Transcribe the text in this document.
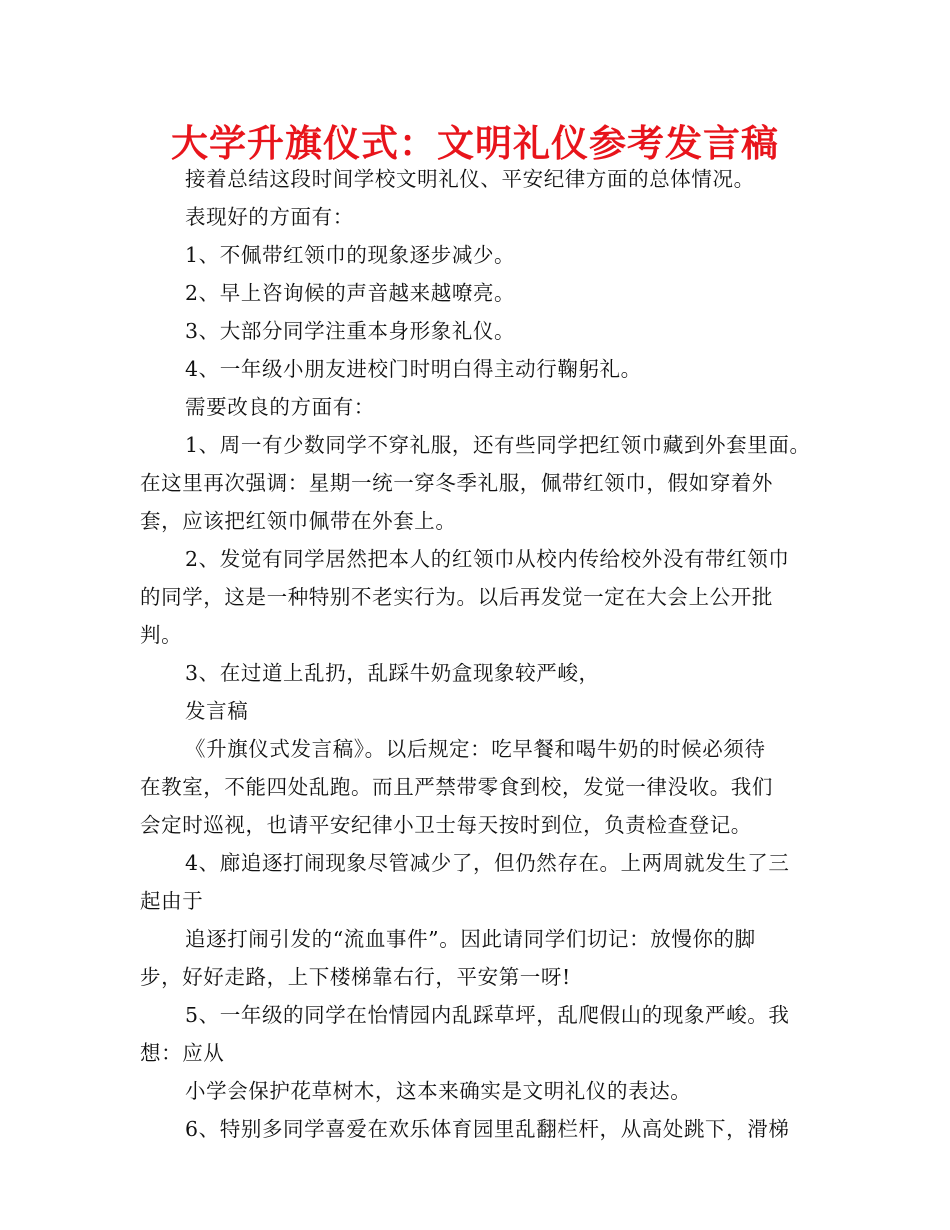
大学升旗仪式：文明礼仪参考发言稿
接着总结这段时间学校文明礼仪、平安纪律方面的总体情况。
表现好的方面有：
1、不佩带红领巾的现象逐步减少。
2、早上咨询候的声音越来越嘹亮。
3、大部分同学注重本身形象礼仪。
4、一年级小朋友进校门时明白得主动行鞠躬礼。
需要改良的方面有：
1、周一有少数同学不穿礼服，还有些同学把红领巾藏到外套里面。
在这里再次强调：星期一统一穿冬季礼服，佩带红领巾，假如穿着外
套，应该把红领巾佩带在外套上。
2、发觉有同学居然把本人的红领巾从校内传给校外没有带红领巾
的同学，这是一种特别不老实行为。以后再发觉一定在大会上公开批
判。
3、在过道上乱扔，乱踩牛奶盒现象较严峻，
发言稿
《升旗仪式发言稿》。以后规定：吃早餐和喝牛奶的时候必须待
在教室，不能四处乱跑。而且严禁带零食到校，发觉一律没收。我们
会定时巡视，也请平安纪律小卫士每天按时到位，负责检查登记。
4、廊追逐打闹现象尽管减少了，但仍然存在。上两周就发生了三
起由于
追逐打闹引发的“流血事件”。因此请同学们切记：放慢你的脚
步，好好走路，上下楼梯靠右行，平安第一呀!
5、一年级的同学在怡情园内乱踩草坪，乱爬假山的现象严峻。我
想：应从
小学会保护花草树木，这本来确实是文明礼仪的表达。
6、特别多同学喜爱在欢乐体育园里乱翻栏杆，从高处跳下，滑梯
